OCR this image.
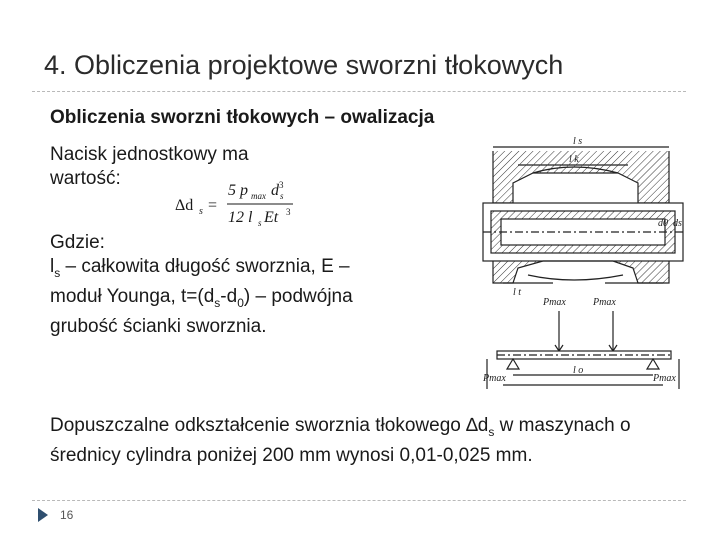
4. Obliczenia projektowe sworzni tłokowych
Obliczenia sworzni tłokowych – owalizacja
Nacisk jednostkowy ma wartość:
Δd s =
5 p max d 3
s
12 l s Et 3
Gdzie:
$l_s$ – całkowita długość sworznia, E – moduł Younga, $t=(d_s-d_0)$ – podwójna grubość ścianki sworznia.
l s
l k
l t
d0 ds
Pmax	Pmax
Pmax	Pmax
l o
Dopuszczalne odkształcenie sworznia tłokowego $\Delta d_s$ w maszynach o średnicy cylindra poniżej 200 mm wynosi 0,01-0,025 mm.
16
